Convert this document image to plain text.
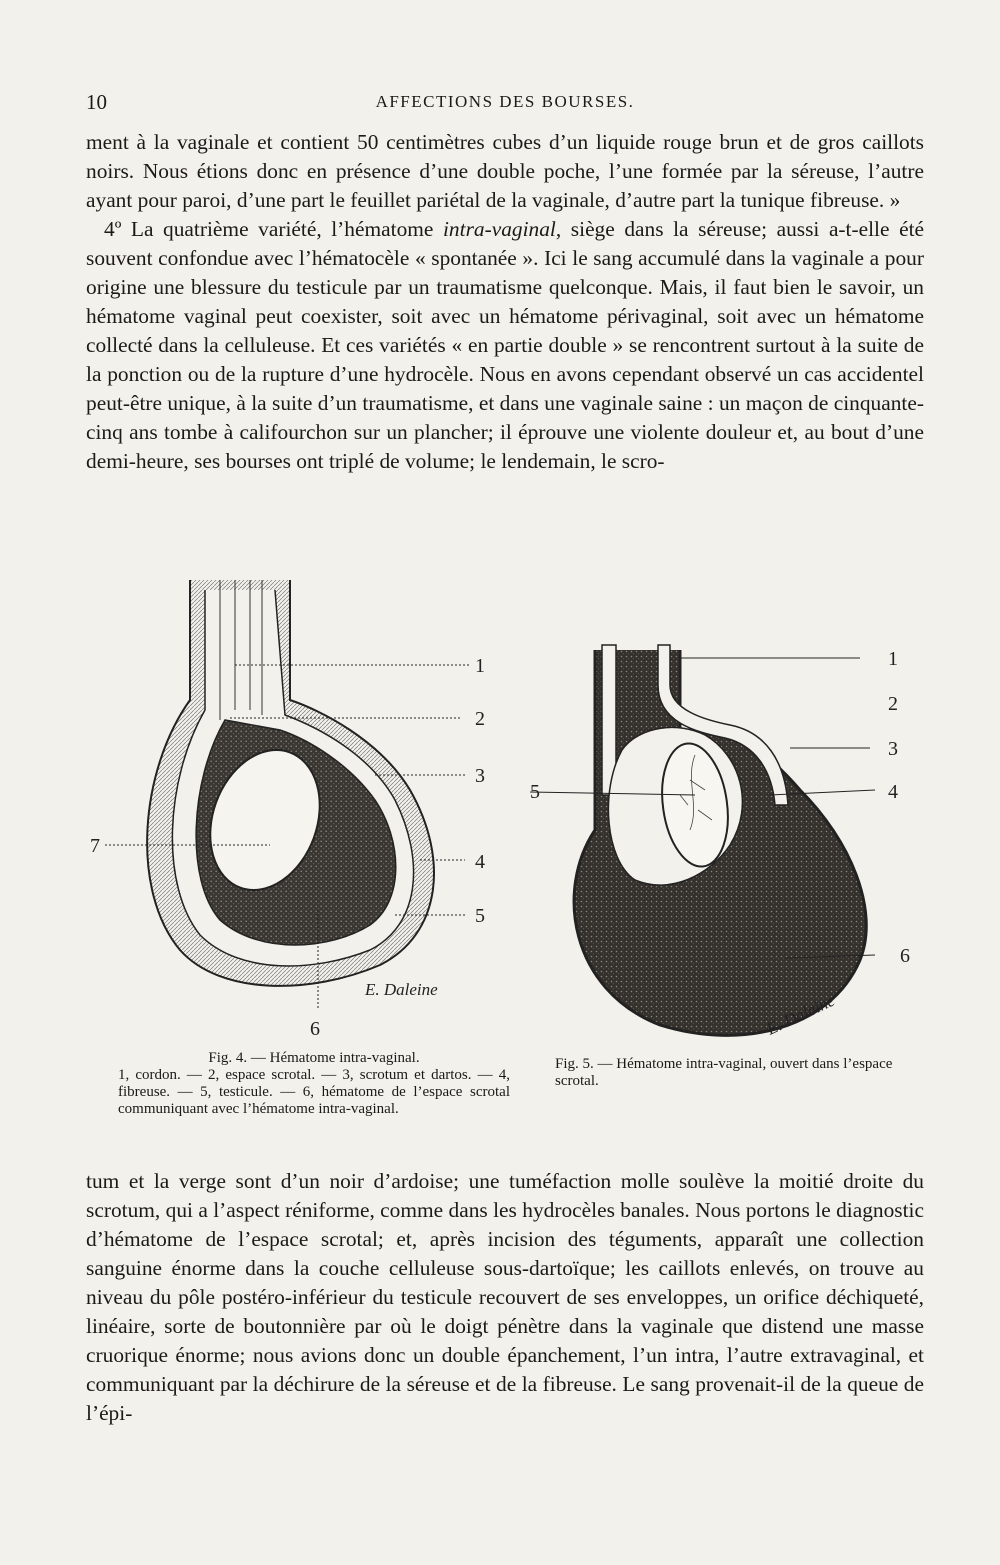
10	AFFECTIONS DES BOURSES.

ment à la vaginale et contient 50 centimètres cubes d’un liquide rouge brun et de gros caillots noirs. Nous étions donc en présence d’une double poche, l’une formée par la séreuse, l’autre ayant pour paroi, d’une part le feuillet pariétal de la vaginale, d’autre part la tunique fibreuse. »

4º La quatrième variété, l’hématome intra-vaginal, siège dans la séreuse; aussi a-t-elle été souvent confondue avec l’hématocèle « spontanée ». Ici le sang accumulé dans la vaginale a pour origine une blessure du testicule par un traumatisme quelconque. Mais, il faut bien le savoir, un hématome vaginal peut coexister, soit avec un hématome périvaginal, soit avec un hématome collecté dans la celluleuse. Et ces variétés « en partie double » se rencontrent surtout à la suite de la ponction ou de la rupture d’une hydrocèle. Nous en avons cependant observé un cas accidentel peut-être unique, à la suite d’un traumatisme, et dans une vaginale saine : un maçon de cinquante-cinq ans tombe à califourchon sur un plancher; il éprouve une violente douleur et, au bout d’une demi-heure, ses bourses ont triplé de volume; le lendemain, le scro-

1
2
3
4
5
6
7
E. Daleine
1
2
3
4
5
6
E. Daleine
Fig. 4. — Hématome intra-vaginal.
1, cordon. — 2, espace scrotal. — 3, scrotum et dartos. — 4, fibreuse. — 5, testicule. — 6, hématome de l’espace scrotal communiquant avec l’hématome intra-vaginal.
Fig. 5. — Hématome intra-vaginal, ouvert dans l’espace scrotal.

tum et la verge sont d’un noir d’ardoise; une tuméfaction molle soulève la moitié droite du scrotum, qui a l’aspect réniforme, comme dans les hydrocèles banales. Nous portons le diagnostic d’hématome de l’espace scrotal; et, après incision des téguments, apparaît une collection sanguine énorme dans la couche celluleuse sous-dartoïque; les caillots enlevés, on trouve au niveau du pôle postéro-inférieur du testicule recouvert de ses enveloppes, un orifice déchiqueté, linéaire, sorte de boutonnière par où le doigt pénètre dans la vaginale que distend une masse cruorique énorme; nous avions donc un double épanchement, l’un intra, l’autre extravaginal, et communiquant par la déchirure de la séreuse et de la fibreuse. Le sang provenait-il de la queue de l’épi-
